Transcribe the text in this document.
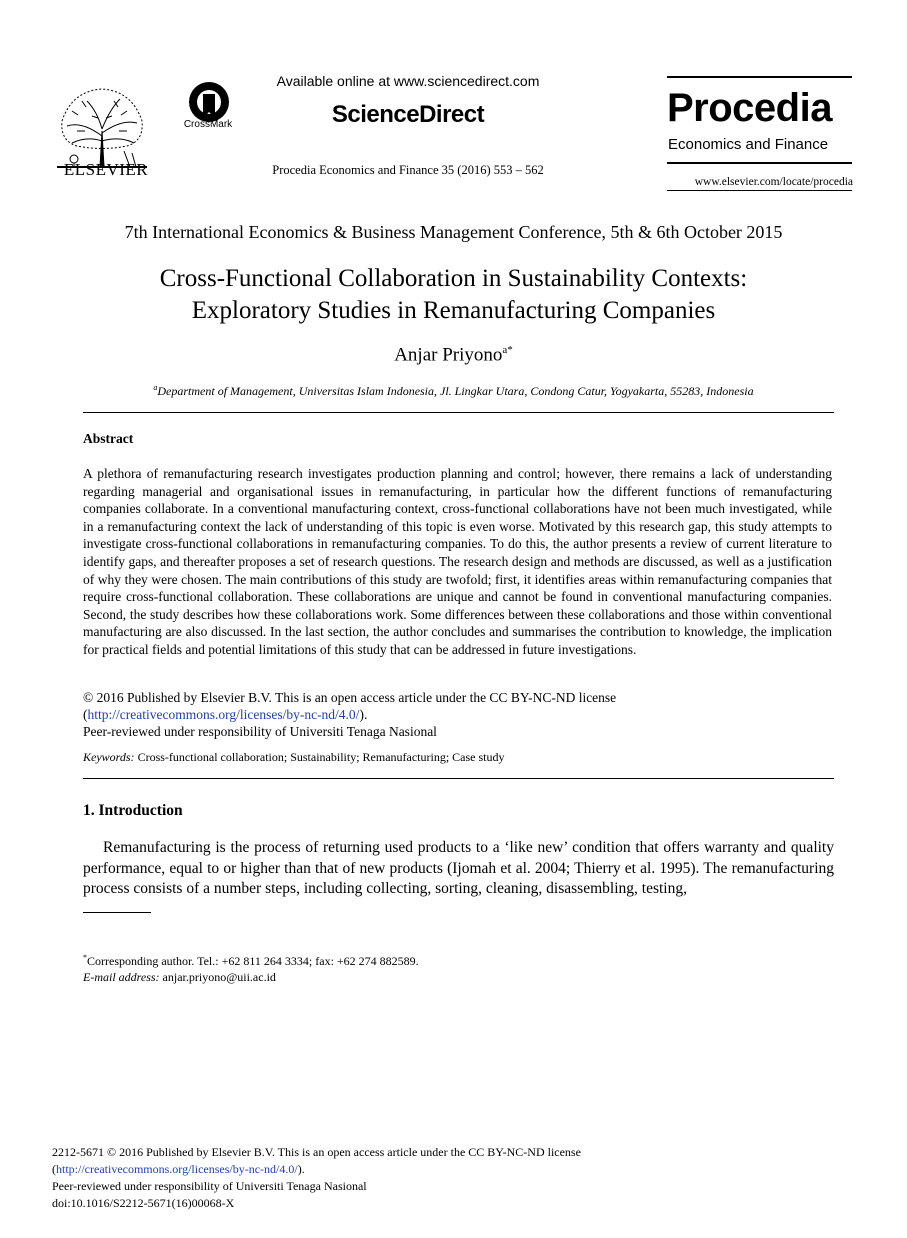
ELSEVIER
CrossMark
Available online at www.sciencedirect.com
ScienceDirect
Procedia Economics and Finance 35 (2016) 553 – 562
Procedia
Economics and Finance
www.elsevier.com/locate/procedia
7th International Economics & Business Management Conference, 5th & 6th October 2015
Cross-Functional Collaboration in Sustainability Contexts:
Exploratory Studies in Remanufacturing Companies
Anjar Priyono$^{a*}$
$^a$Department of Management, Universitas Islam Indonesia, Jl. Lingkar Utara, Condong Catur, Yogyakarta, 55283, Indonesia
Abstract
A plethora of remanufacturing research investigates production planning and control; however, there remains a lack of understanding regarding managerial and organisational issues in remanufacturing, in particular how the different functions of remanufacturing companies collaborate. In a conventional manufacturing context, cross-functional collaborations have not been much investigated, while in a remanufacturing context the lack of understanding of this topic is even worse. Motivated by this research gap, this study attempts to investigate cross-functional collaborations in remanufacturing companies. To do this, the author presents a review of current literature to identify gaps, and thereafter proposes a set of research questions. The research design and methods are discussed, as well as a justification of why they were chosen. The main contributions of this study are twofold; first, it identifies areas within remanufacturing companies that require cross-functional collaboration. These collaborations are unique and cannot be found in conventional manufacturing companies. Second, the study describes how these collaborations work. Some differences between these collaborations and those within conventional manufacturing are also discussed. In the last section, the author concludes and summarises the contribution to knowledge, the implication for practical fields and potential limitations of this study that can be addressed in future investigations.
© 2016 Published by Elsevier B.V. This is an open access article under the CC BY-NC-ND license
(http://creativecommons.org/licenses/by-nc-nd/4.0/).
Peer-reviewed under responsibility of Universiti Tenaga Nasional
Keywords: Cross-functional collaboration; Sustainability; Remanufacturing; Case study
1. Introduction
Remanufacturing is the process of returning used products to a ‘like new’ condition that offers warranty and quality performance, equal to or higher than that of new products (Ijomah et al. 2004; Thierry et al. 1995). The remanufacturing process consists of a number steps, including collecting, sorting, cleaning, disassembling, testing,
*Corresponding author. Tel.: +62 811 264 3334; fax: +62 274 882589.
E-mail address: anjar.priyono@uii.ac.id
2212-5671 © 2016 Published by Elsevier B.V. This is an open access article under the CC BY-NC-ND license
(http://creativecommons.org/licenses/by-nc-nd/4.0/).
Peer-reviewed under responsibility of Universiti Tenaga Nasional
doi:10.1016/S2212-5671(16)00068-X
